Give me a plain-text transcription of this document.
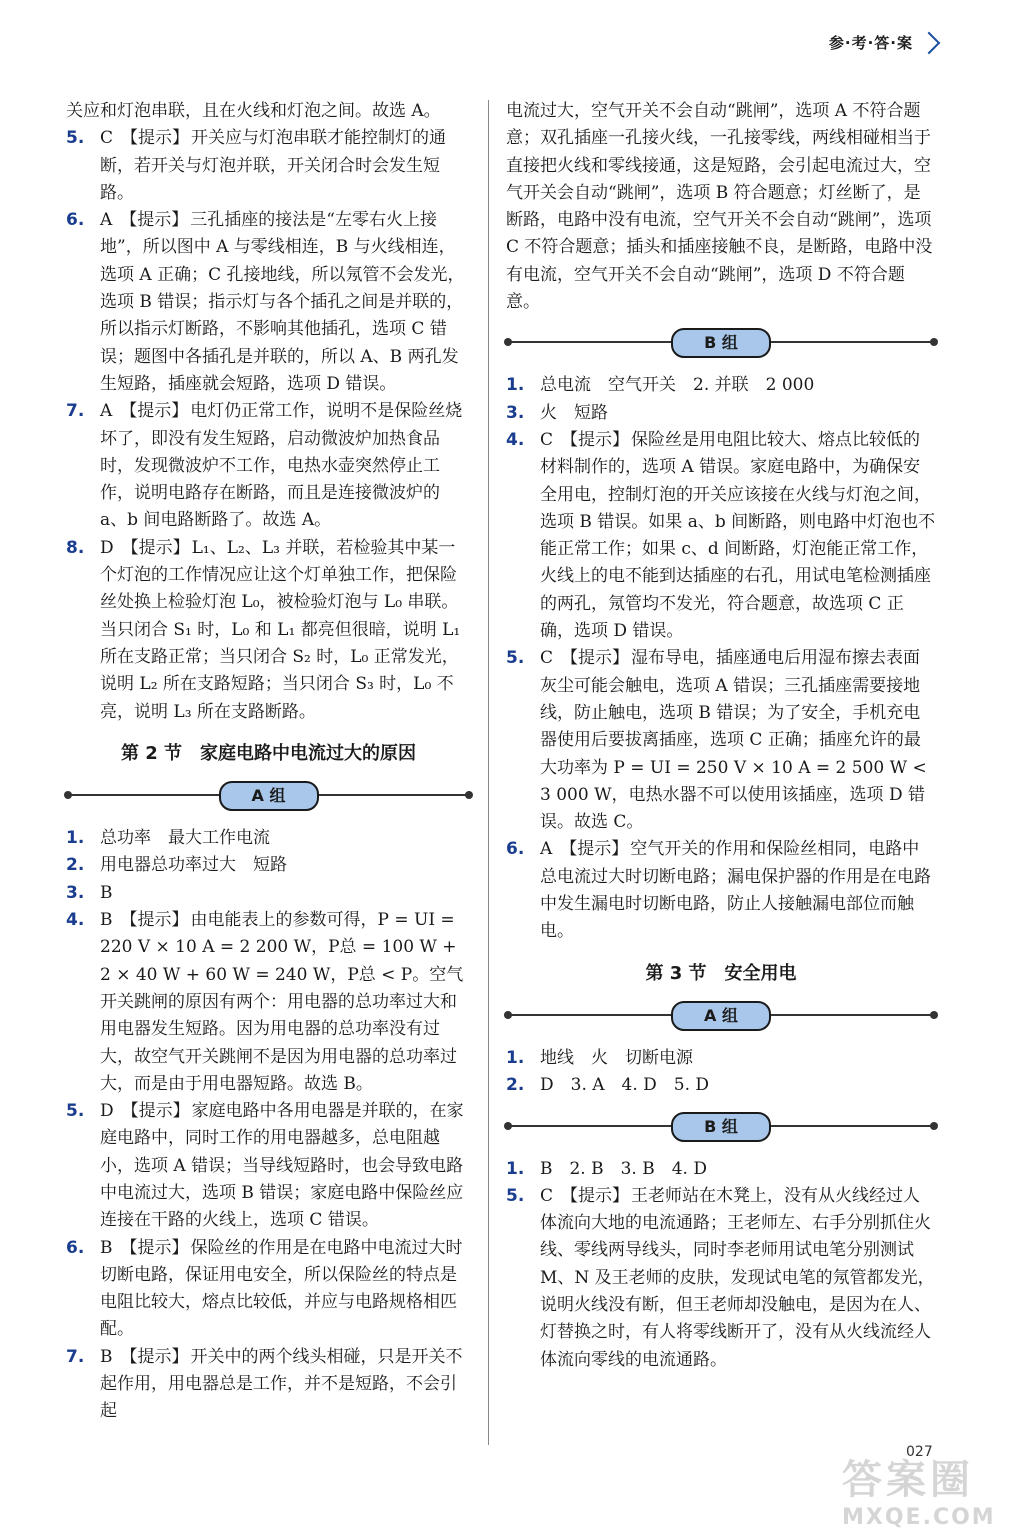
参·考·答·案

关应和灯泡串联，且在火线和灯泡之间。故选 A。

5. C 【提示】 开关应与灯泡串联才能控制灯的通断，若开关与灯泡并联，开关闭合时会发生短路。

6. A 【提示】 三孔插座的接法是“左零右火上接地”，所以图中 A 与零线相连，B 与火线相连，选项 A 正确；C 孔接地线，所以氖管不会发光，选项 B 错误；指示灯与各个插孔之间是并联的，所以指示灯断路，不影响其他插孔，选项 C 错误；题图中各插孔是并联的，所以 A、B 两孔发生短路，插座就会短路，选项 D 错误。

7. A 【提示】 电灯仍正常工作，说明不是保险丝烧坏了，即没有发生短路，启动微波炉加热食品时，发现微波炉不工作，电热水壶突然停止工作，说明电路存在断路，而且是连接微波炉的 a、b 间电路断路了。故选 A。

8. D 【提示】 L₁、L₂、L₃ 并联，若检验其中某一个灯泡的工作情况应让这个灯单独工作，把保险丝处换上检验灯泡 L₀，被检验灯泡与 L₀ 串联。当只闭合 S₁ 时，L₀ 和 L₁ 都亮但很暗，说明 L₁ 所在支路正常；当只闭合 S₂ 时，L₀ 正常发光，说明 L₂ 所在支路短路；当只闭合 S₃ 时，L₀ 不亮，说明 L₃ 所在支路断路。

第 2 节　家庭电路中电流过大的原因
A 组

1. 总功率　最大工作电流

2. 用电器总功率过大　短路

3. B

4. B 【提示】 由电能表上的参数可得，P = UI = 220 V × 10 A = 2 200 W，P总 = 100 W + 2 × 40 W + 60 W = 240 W，P总 < P。空气开关跳闸的原因有两个：用电器的总功率过大和用电器发生短路。因为用电器的总功率没有过大，故空气开关跳闸不是因为用电器的总功率过大，而是由于用电器短路。故选 B。

5. D 【提示】 家庭电路中各用电器是并联的，在家庭电路中，同时工作的用电器越多，总电阻越小，选项 A 错误；当导线短路时，也会导致电路中电流过大，选项 B 错误；家庭电路中保险丝应连接在干路的火线上，选项 C 错误。

6. B 【提示】 保险丝的作用是在电路中电流过大时切断电路，保证用电安全，所以保险丝的特点是电阻比较大，熔点比较低，并应与电路规格相匹配。

7. B 【提示】 开关中的两个线头相碰，只是开关不起作用，用电器总是工作，并不是短路，不会引起

电流过大，空气开关不会自动“跳闸”，选项 A 不符合题意；双孔插座一孔接火线，一孔接零线，两线相碰相当于直接把火线和零线接通，这是短路，会引起电流过大，空气开关会自动“跳闸”，选项 B 符合题意；灯丝断了，是断路，电路中没有电流，空气开关不会自动“跳闸”，选项 C 不符合题意；插头和插座接触不良，是断路，电路中没有电流，空气开关不会自动“跳闸”，选项 D 不符合题意。

B 组

1. 总电流　空气开关　2. 并联　2 000

3. 火　短路

4. C 【提示】 保险丝是用电阻比较大、熔点比较低的材料制作的，选项 A 错误。家庭电路中，为确保安全用电，控制灯泡的开关应该接在火线与灯泡之间，选项 B 错误。如果 a、b 间断路，则电路中灯泡也不能正常工作；如果 c、d 间断路，灯泡能正常工作，火线上的电不能到达插座的右孔，用试电笔检测插座的两孔，氖管均不发光，符合题意，故选项 C 正确，选项 D 错误。

5. C 【提示】 湿布导电，插座通电后用湿布擦去表面灰尘可能会触电，选项 A 错误；三孔插座需要接地线，防止触电，选项 B 错误；为了安全，手机充电器使用后要拔离插座，选项 C 正确；插座允许的最大功率为 P = UI = 250 V × 10 A = 2 500 W < 3 000 W，电热水器不可以使用该插座，选项 D 错误。故选 C。

6. A 【提示】 空气开关的作用和保险丝相同，电路中总电流过大时切断电路；漏电保护器的作用是在电路中发生漏电时切断电路，防止人接触漏电部位而触电。

第 3 节　安全用电
A 组

1. 地线　火　切断电源

2. D　3. A　4. D　5. D

B 组

1. B　2. B　3. B　4. D

5. C 【提示】 王老师站在木凳上，没有从火线经过人体流向大地的电流通路；王老师左、右手分别抓住火线、零线两导线头，同时李老师用试电笔分别测试 M、N 及王老师的皮肤，发现试电笔的氖管都发光，说明火线没有断，但王老师却没触电，是因为在人、灯替换之时，有人将零线断开了，没有从火线流经人体流向零线的电流通路。

027
答案圈
MXQE.COM
